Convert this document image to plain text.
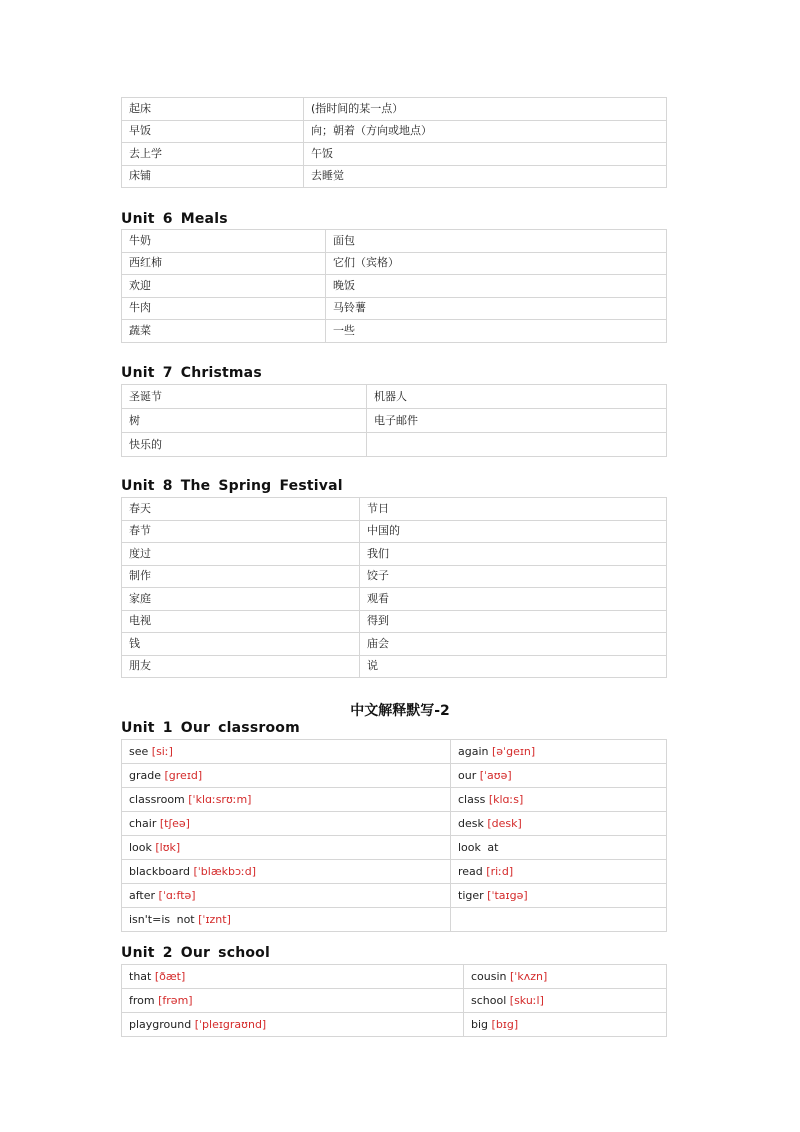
起床	(指时间的某一点）
早饭	向；朝着（方向或地点）
去上学	午饭
床铺	去睡觉
Unit 6 Meals
牛奶	面包
西红柿	它们（宾格）
欢迎	晚饭
牛肉	马铃薯
蔬菜	一些
Unit 7 Christmas
圣诞节	机器人
树	电子邮件
快乐的	
Unit 8 The Spring Festival
春天	节日
春节	中国的
度过	我们
制作	饺子
家庭	观看
电视	得到
钱	庙会
朋友	说
中文解释默写-2
Unit 1 Our classroom
see [siː]	again [əˈgeɪn]
grade [greɪd]	our [ˈaʊə]
classroom [ˈklɑːsrʊːm]	class [klɑːs]
chair [tʃeə]	desk [desk]
look [lʊk]	look at
blackboard [ˈblækbɔːd]	read [riːd]
after [ˈɑːftə]	tiger [ˈtaɪgə]
isn't=is not [ˈɪznt]	
Unit 2 Our school
that [ðæt]	cousin [ˈkʌzn]
from [frəm]	school [skuːl]
playground [ˈpleɪgraʊnd]	big [bɪg]
